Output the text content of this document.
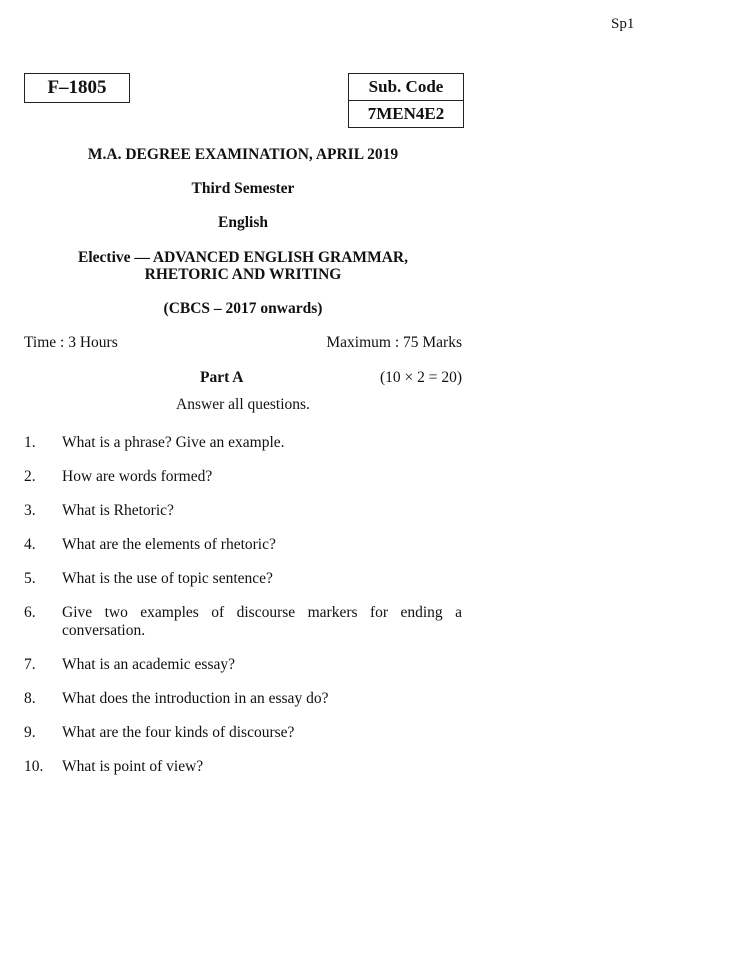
Sp1
F–1805	Sub. Code
7MEN4E2
M.A. DEGREE EXAMINATION, APRIL 2019
Third Semester
English
Elective — ADVANCED ENGLISH GRAMMAR,
RHETORIC AND WRITING
(CBCS – 2017 onwards)
Time : 3 Hours	Maximum : 75 Marks
Part A	(10 × 2 = 20)
Answer all questions.
1.	What is a phrase? Give an example.
2.	How are words formed?
3.	What is Rhetoric?
4.	What are the elements of rhetoric?
5.	What is the use of topic sentence?
6.	Give two examples of discourse markers for ending a conversation.
7.	What is an academic essay?
8.	What does the introduction in an essay do?
9.	What are the four kinds of discourse?
10.	What is point of view?
